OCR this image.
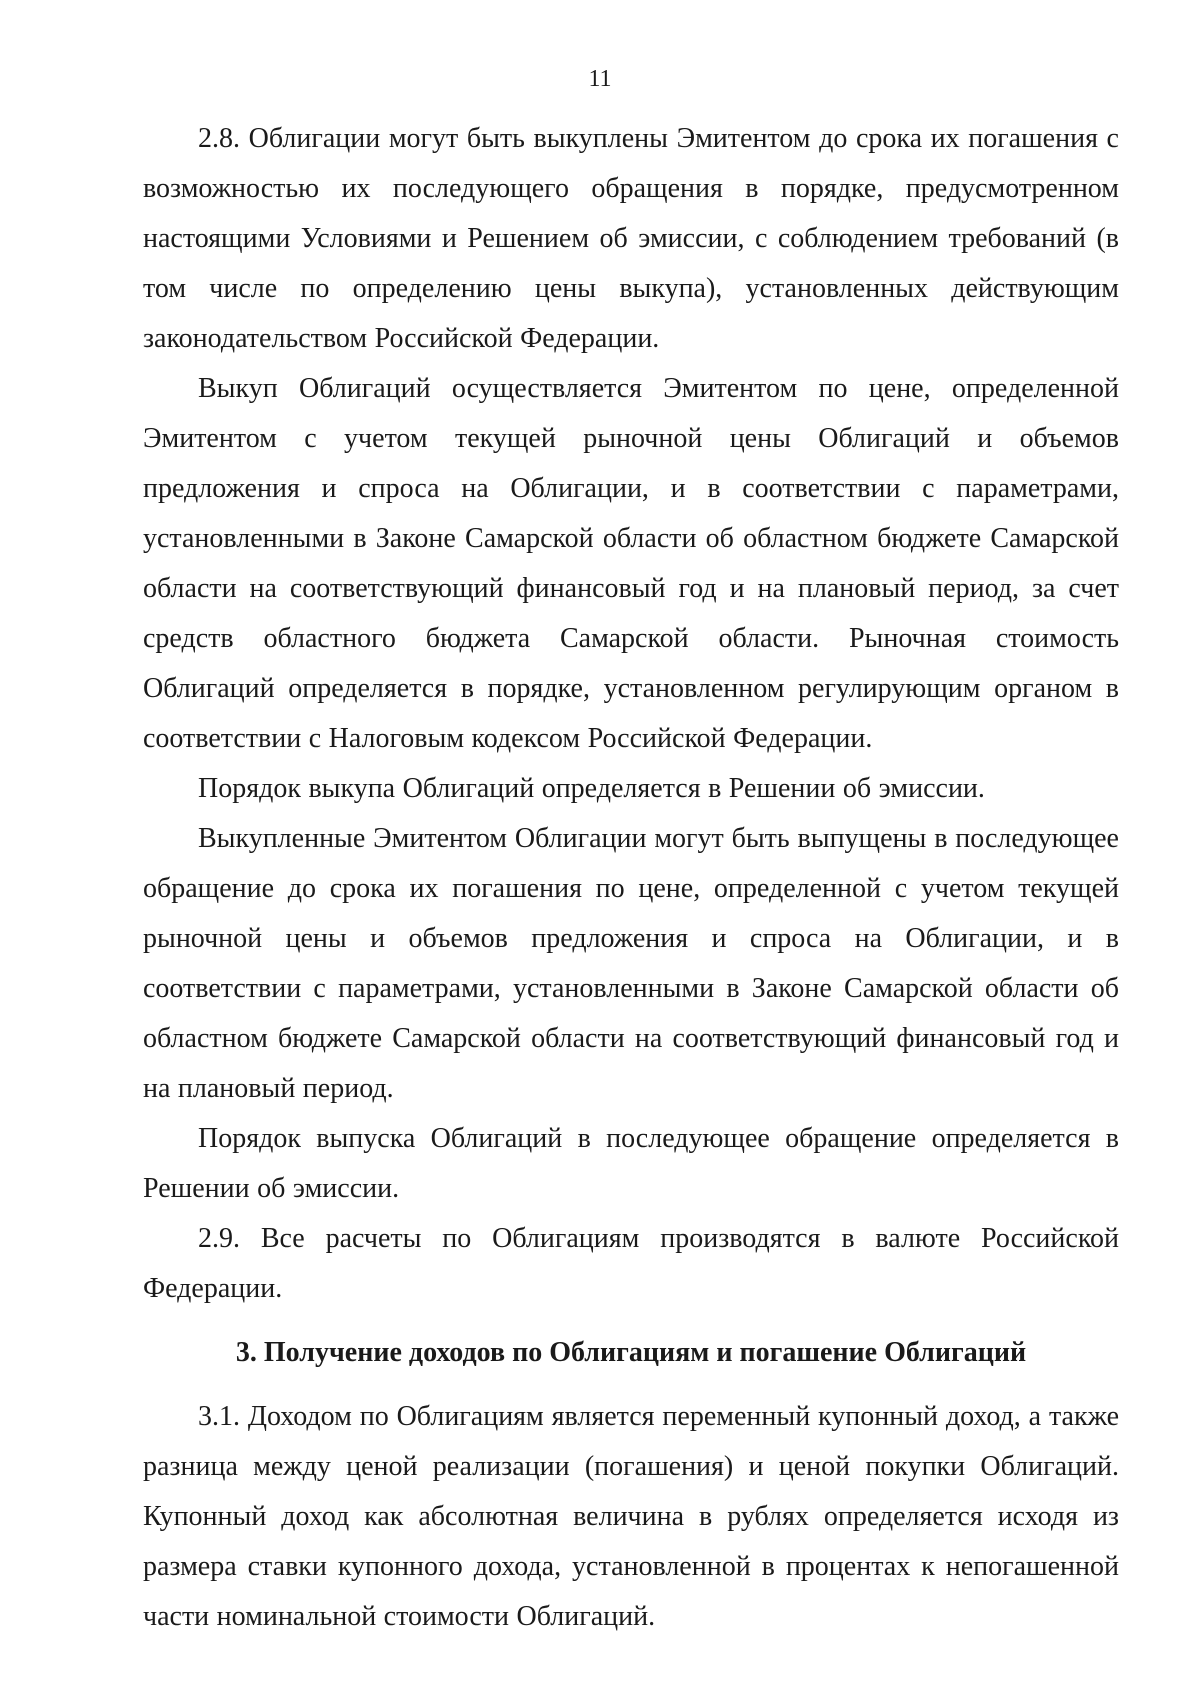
11

2.8. Облигации могут быть выкуплены Эмитентом до срока их погашения с возможностью их последующего обращения в порядке, предусмотренном настоящими Условиями и Решением об эмиссии, с соблюдением требований (в том числе по определению цены выкупа), установленных действующим законодательством Российской Федерации.

Выкуп Облигаций осуществляется Эмитентом по цене, определенной Эмитентом с учетом текущей рыночной цены Облигаций и объемов предложения и спроса на Облигации, и в соответствии с параметрами, установленными в Законе Самарской области об областном бюджете Самарской области на соответствующий финансовый год и на плановый период, за счет средств областного бюджета Самарской области. Рыночная стоимость Облигаций определяется в порядке, установленном регулирующим органом в соответствии с Налоговым кодексом Российской Федерации.

Порядок выкупа Облигаций определяется в Решении об эмиссии.

Выкупленные Эмитентом Облигации могут быть выпущены в последующее обращение до срока их погашения по цене, определенной с учетом текущей рыночной цены и объемов предложения и спроса на Облигации, и в соответствии с параметрами, установленными в Законе Самарской области об областном бюджете Самарской области на соответствующий финансовый год и на плановый период.

Порядок выпуска Облигаций в последующее обращение определяется в Решении об эмиссии.

2.9. Все расчеты по Облигациям производятся в валюте Российской Федерации.

3. Получение доходов по Облигациям и погашение Облигаций

3.1. Доходом по Облигациям является переменный купонный доход, а также разница между ценой реализации (погашения) и ценой покупки Облигаций. Купонный доход как абсолютная величина в рублях определяется исходя из размера ставки купонного дохода, установленной в процентах к непогашенной части номинальной стоимости Облигаций.
